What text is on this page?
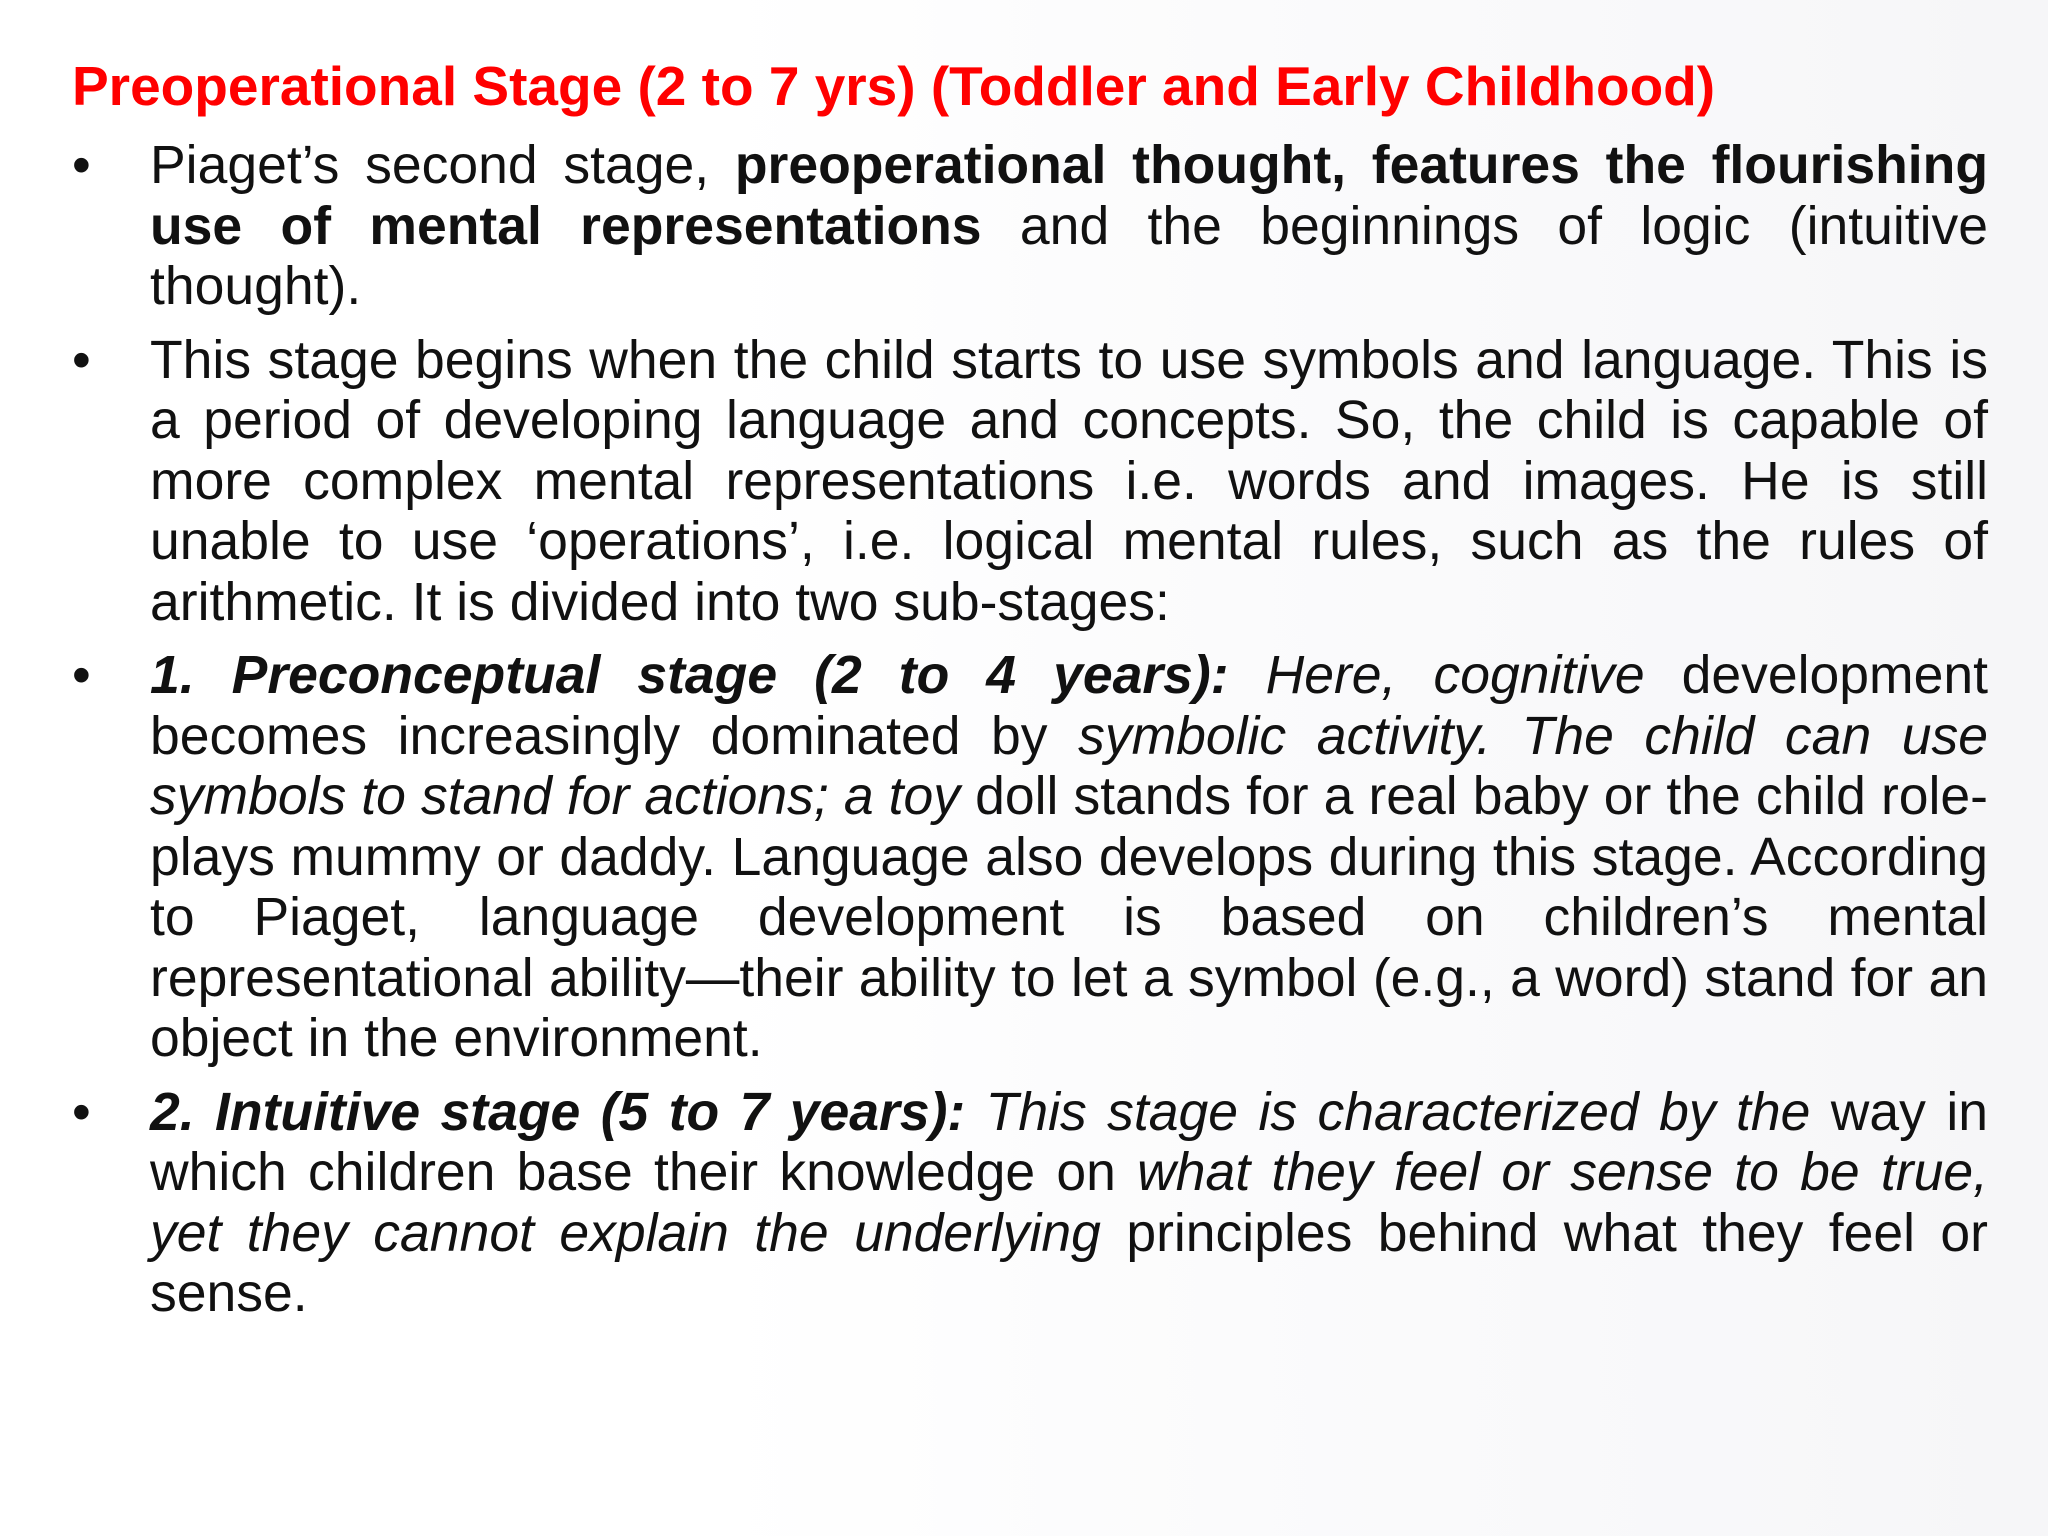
Preoperational Stage (2 to 7 yrs) (Toddler and Early Childhood)
•	Piaget’s second stage, preoperational thought, features the flourishing use of mental representations and the beginnings of logic (intuitive thought).
•	This stage begins when the child starts to use symbols and language. This is a period of developing language and concepts. So, the child is capable of more complex mental representations i.e. words and images. He is still unable to use ‘operations’, i.e. logical mental rules, such as the rules of arithmetic. It is divided into two sub-stages:
•	1. Preconceptual stage (2 to 4 years): Here, cognitive development becomes increasingly dominated by symbolic activity. The child can use symbols to stand for actions; a toy doll stands for a real baby or the child role-plays mummy or daddy. Language also develops during this stage. According to Piaget, language development is based on children’s mental representational ability—their ability to let a symbol (e.g., a word) stand for an object in the environment.
•	2. Intuitive stage (5 to 7 years): This stage is characterized by the way in which children base their knowledge on what they feel or sense to be true, yet they cannot explain the underlying principles behind what they feel or sense.
